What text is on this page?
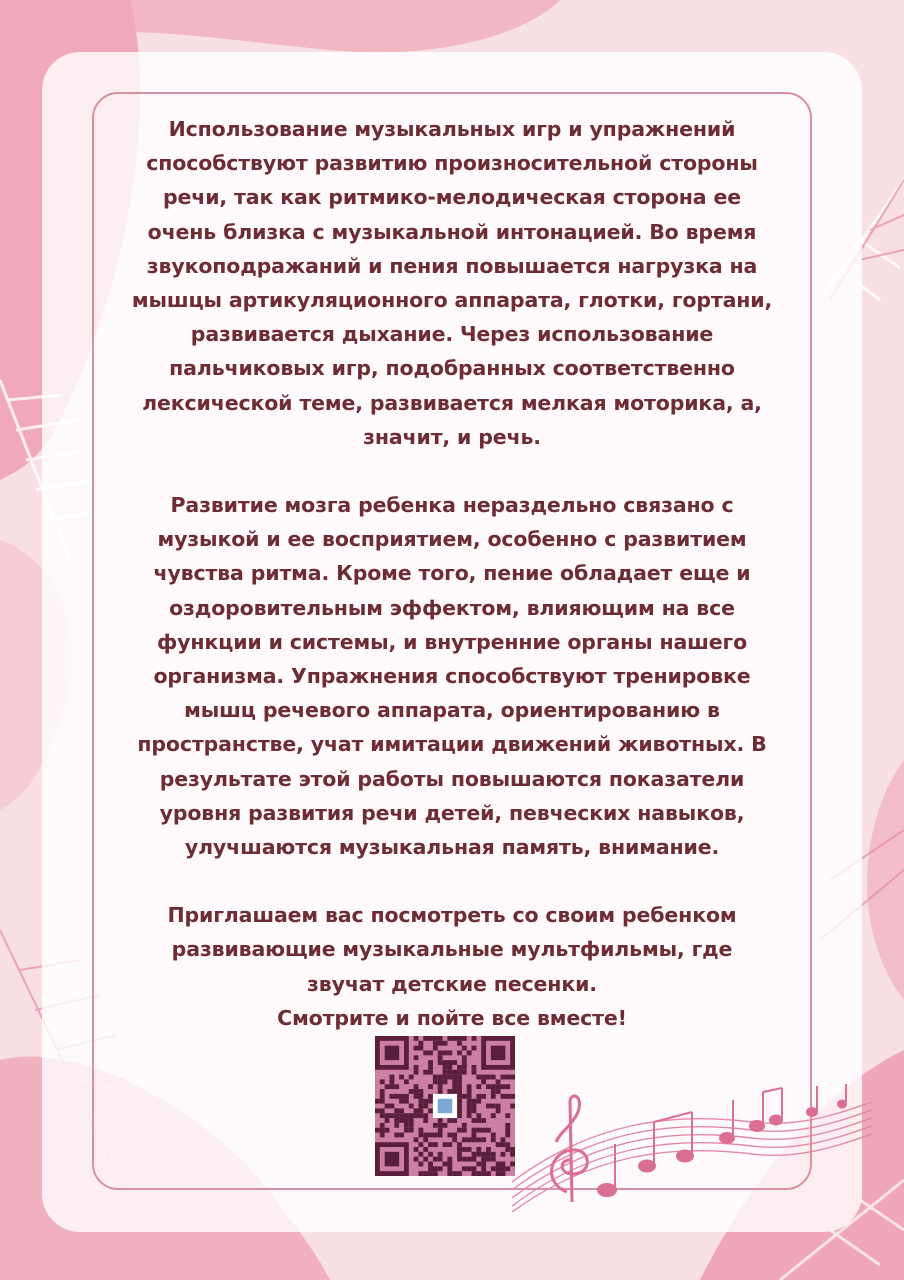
Использование музыкальных игр и упражнений
способствуют развитию произносительной стороны
речи, так как ритмико-мелодическая сторона ее
очень близка с музыкальной интонацией. Во время
звукоподражаний и пения повышается нагрузка на
мышцы артикуляционного аппарата, глотки, гортани,
развивается дыхание. Через использование
пальчиковых игр, подобранных соответственно
лексической теме, развивается мелкая моторика, а,
значит, и речь.

Развитие мозга ребенка нераздельно связано с
музыкой и ее восприятием, особенно с развитием
чувства ритма. Кроме того, пение обладает еще и
оздоровительным эффектом, влияющим на все
функции и системы, и внутренние органы нашего
организма. Упражнения способствуют тренировке
мышц речевого аппарата, ориентированию в
пространстве, учат имитации движений животных. В
результате этой работы повышаются показатели
уровня развития речи детей, певческих навыков,
улучшаются музыкальная память, внимание.

Приглашаем вас посмотреть со своим ребенком
развивающие музыкальные мультфильмы, где
звучат детские песенки.
Смотрите и пойте все вместе!
